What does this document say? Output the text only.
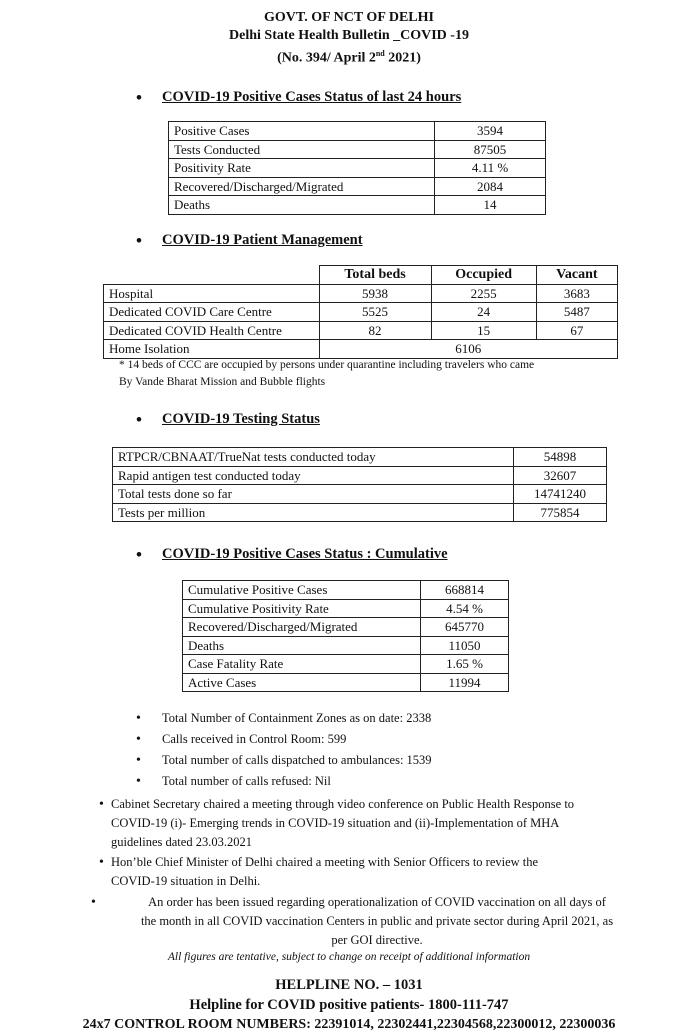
GOVT. OF NCT OF DELHI
Delhi State Health Bulletin _COVID -19
(No. 394/ April 2nd 2021)
• COVID-19 Positive Cases Status of last 24 hours
Positive Cases	3594
Tests Conducted	87505
Positivity Rate	4.11 %
Recovered/Discharged/Migrated	2084
Deaths	14
• COVID-19 Patient Management
	Total beds	Occupied	Vacant
Hospital	5938	2255	3683
Dedicated COVID Care Centre	5525	24	5487
Dedicated COVID Health Centre	82	15	67
Home Isolation	6106		
* 14 beds of CCC are occupied by persons under quarantine including travelers who came
By Vande Bharat Mission and Bubble flights
• COVID-19 Testing Status
RTPCR/CBNAAT/TrueNat tests conducted today	54898
Rapid antigen test conducted today	32607
Total tests done so far	14741240
Tests per million	775854
• COVID-19 Positive Cases Status : Cumulative
Cumulative Positive Cases	668814
Cumulative Positivity Rate	4.54 %
Recovered/Discharged/Migrated	645770
Deaths	11050
Case Fatality Rate	1.65 %
Active Cases	11994
• Total Number of Containment Zones as on date: 2338
• Calls received in Control Room: 599
• Total number of calls dispatched to ambulances: 1539
• Total number of calls refused: Nil
• Cabinet Secretary chaired a meeting through video conference on Public Health Response to
COVID-19 (i)- Emerging trends in COVID-19 situation and (ii)-Implementation of MHA
guidelines dated 23.03.2021
• Hon’ble Chief Minister of Delhi chaired a meeting with Senior Officers to review the
COVID-19 situation in Delhi.
•	An order has been issued regarding operationalization of COVID vaccination on all days of
the month in all COVID vaccination Centers in public and private sector during April 2021, as
per GOI directive.
All figures are tentative, subject to change on receipt of additional information
HELPLINE NO. – 1031
Helpline for COVID positive patients- 1800-111-747
24x7 CONTROL ROOM NUMBERS: 22391014, 22302441,22304568,22300012, 22300036
